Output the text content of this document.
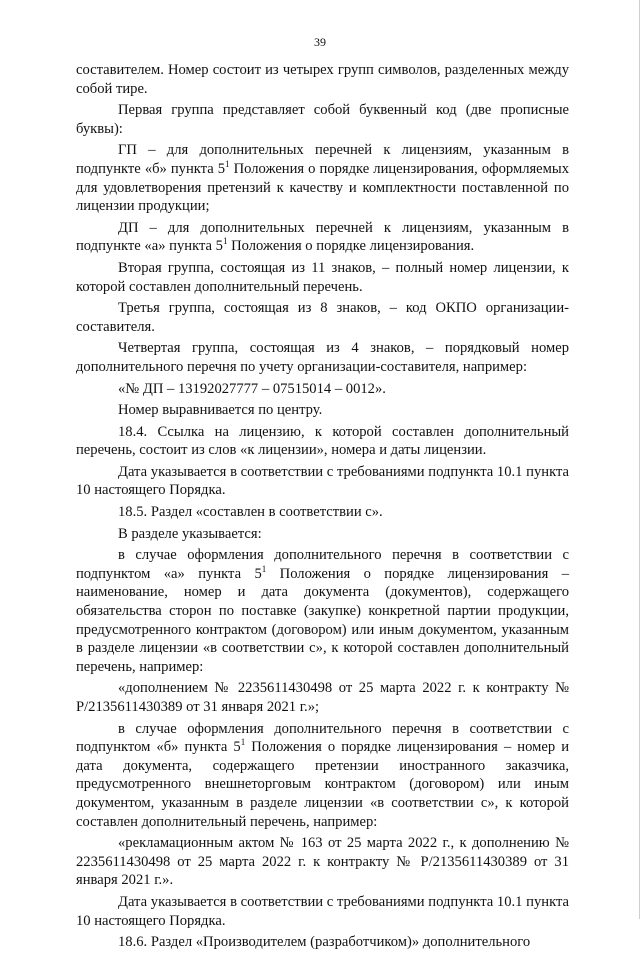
39

составителем. Номер состоит из четырех групп символов, разделенных между собой тире.

Первая группа представляет собой буквенный код (две прописные буквы):

ГП – для дополнительных перечней к лицензиям, указанным в подпункте «б» пункта $5^1$ Положения о порядке лицензирования, оформляемых для удовлетворения претензий к качеству и комплектности поставленной по лицензии продукции;

ДП – для дополнительных перечней к лицензиям, указанным в подпункте «а» пункта $5^1$ Положения о порядке лицензирования.

Вторая группа, состоящая из 11 знаков, – полный номер лицензии, к которой составлен дополнительный перечень.

Третья группа, состоящая из 8 знаков, – код ОКПО организации-составителя.

Четвертая группа, состоящая из 4 знаков, – порядковый номер дополнительного перечня по учету организации-составителя, например:

«№ ДП – 13192027777 – 07515014 – 0012».

Номер выравнивается по центру.

18.4. Ссылка на лицензию, к которой составлен дополнительный перечень, состоит из слов «к лицензии», номера и даты лицензии.

Дата указывается в соответствии с требованиями подпункта 10.1 пункта 10 настоящего Порядка.

18.5. Раздел «составлен в соответствии с».

В разделе указывается:

в случае оформления дополнительного перечня в соответствии с подпунктом «а» пункта $5^1$ Положения о порядке лицензирования – наименование, номер и дата документа (документов), содержащего обязательства сторон по поставке (закупке) конкретной партии продукции, предусмотренного контрактом (договором) или иным документом, указанным в разделе лицензии «в соответствии с», к которой составлен дополнительный перечень, например:

«дополнением № 2235611430498 от 25 марта 2022 г. к контракту № Р/2135611430389 от 31 января 2021 г.»;

в случае оформления дополнительного перечня в соответствии с подпунктом «б» пункта $5^1$ Положения о порядке лицензирования – номер и дата документа, содержащего претензии иностранного заказчика, предусмотренного внешнеторговым контрактом (договором) или иным документом, указанным в разделе лицензии «в соответствии с», к которой составлен дополнительный перечень, например:

«рекламационным актом № 163 от 25 марта 2022 г., к дополнению № 2235611430498 от 25 марта 2022 г. к контракту № Р/2135611430389 от 31 января 2021 г.».

Дата указывается в соответствии с требованиями подпункта 10.1 пункта 10 настоящего Порядка.

18.6. Раздел «Производителем (разработчиком)» дополнительного
